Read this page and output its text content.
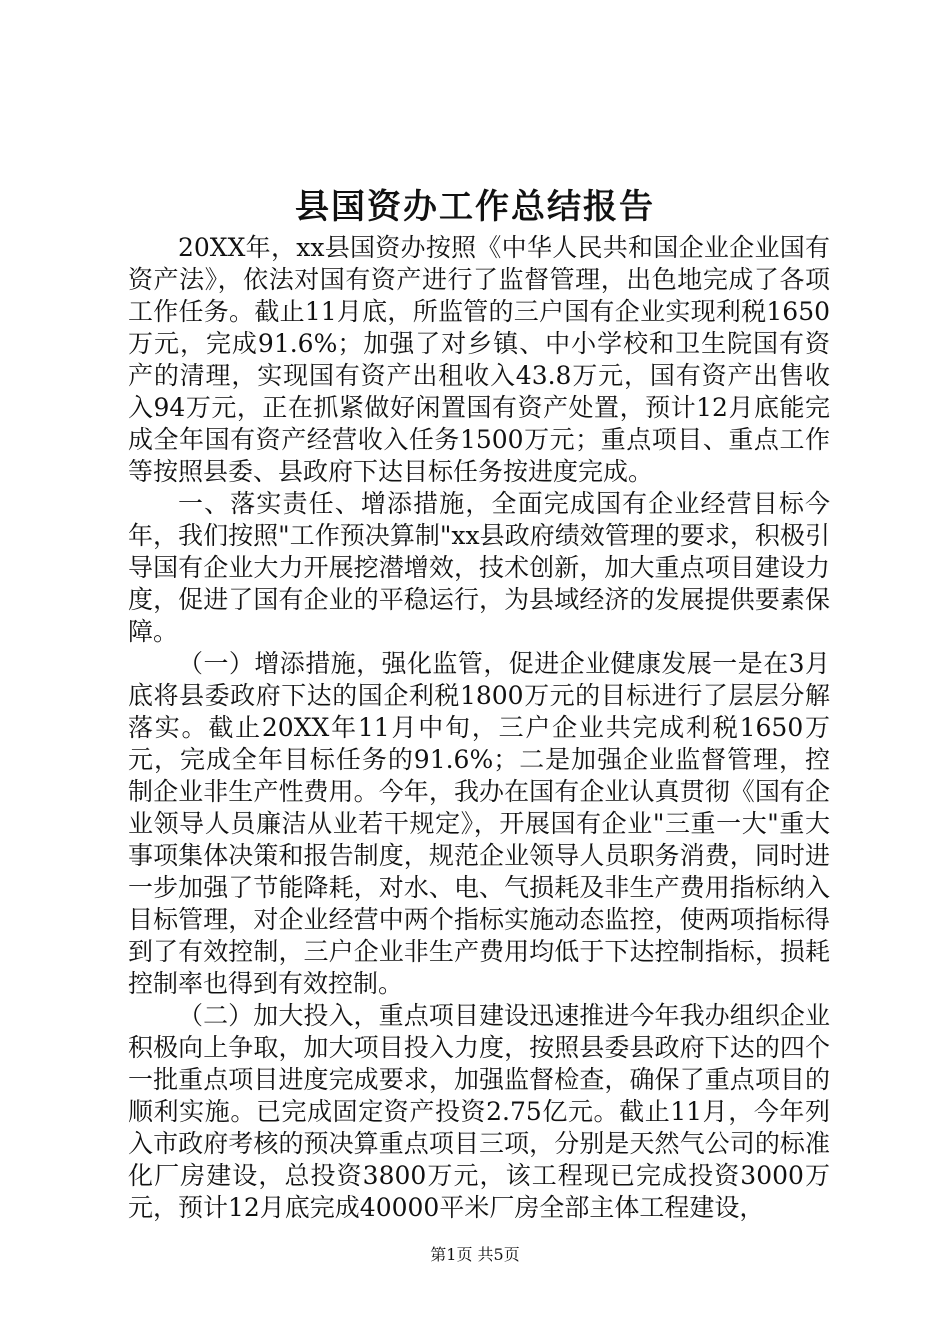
县国资办工作总结报告

20XX年，xx县国资办按照《中华人民共和国企业企业国有资产法》，依法对国有资产进行了监督管理，出色地完成了各项工作任务。截止11月底，所监管的三户国有企业实现利税1650万元，完成91.6%；加强了对乡镇、中小学校和卫生院国有资产的清理，实现国有资产出租收入43.8万元，国有资产出售收入94万元，正在抓紧做好闲置国有资产处置，预计12月底能完成全年国有资产经营收入任务1500万元；重点项目、重点工作等按照县委、县政府下达目标任务按进度完成。

一、落实责任、增添措施，全面完成国有企业经营目标今年，我们按照"工作预决算制"xx县政府绩效管理的要求，积极引导国有企业大力开展挖潜增效，技术创新，加大重点项目建设力度，促进了国有企业的平稳运行，为县域经济的发展提供要素保障。

（一）增添措施，强化监管，促进企业健康发展一是在3月底将县委政府下达的国企利税1800万元的目标进行了层层分解落实。截止20XX年11月中旬，三户企业共完成利税1650万元，完成全年目标任务的91.6%；二是加强企业监督管理，控制企业非生产性费用。今年，我办在国有企业认真贯彻《国有企业领导人员廉洁从业若干规定》，开展国有企业"三重一大"重大事项集体决策和报告制度，规范企业领导人员职务消费，同时进一步加强了节能降耗，对水、电、气损耗及非生产费用指标纳入目标管理，对企业经营中两个指标实施动态监控，使两项指标得到了有效控制，三户企业非生产费用均低于下达控制指标，损耗控制率也得到有效控制。

（二）加大投入，重点项目建设迅速推进今年我办组织企业积极向上争取，加大项目投入力度，按照县委县政府下达的四个一批重点项目进度完成要求，加强监督检查，确保了重点项目的顺利实施。已完成固定资产投资2.75亿元。截止11月，今年列入市政府考核的预决算重点项目三项，分别是天然气公司的标准化厂房建设，总投资3800万元，该工程现已完成投资3000万元，预计12月底完成40000平米厂房全部主体工程建设，

第1页 共5页
